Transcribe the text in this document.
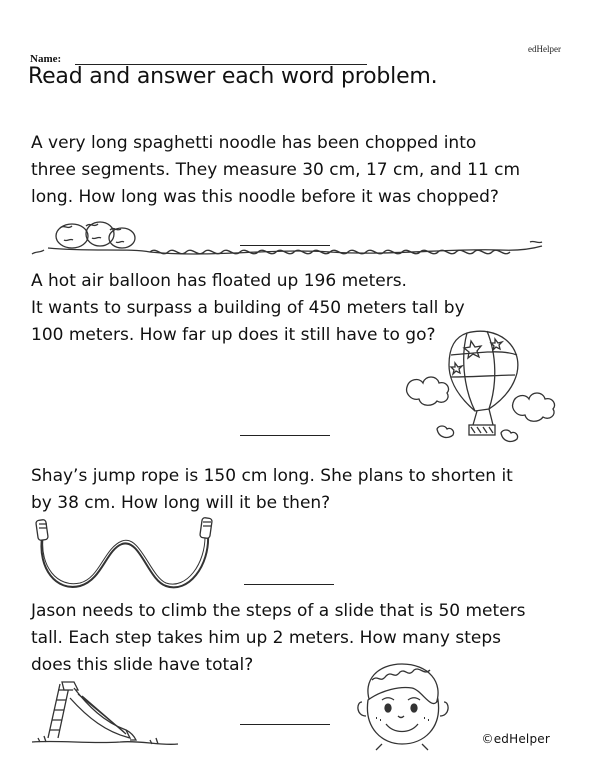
edHelper
Name:
Read and answer each word problem.

A very long spaghetti noodle has been chopped into
three segments. They measure 30 cm, 17 cm, and 11 cm
long. How long was this noodle before it was chopped?

A hot air balloon has floated up 196 meters.
It wants to surpass a building of 450 meters tall by
100 meters. How far up does it still have to go?

Shay’s jump rope is 150 cm long. She plans to shorten it
by 38 cm. How long will it be then?

Jason needs to climb the steps of a slide that is 50 meters
tall. Each step takes him up 2 meters. How many steps
does this slide have total?

©edHelper
